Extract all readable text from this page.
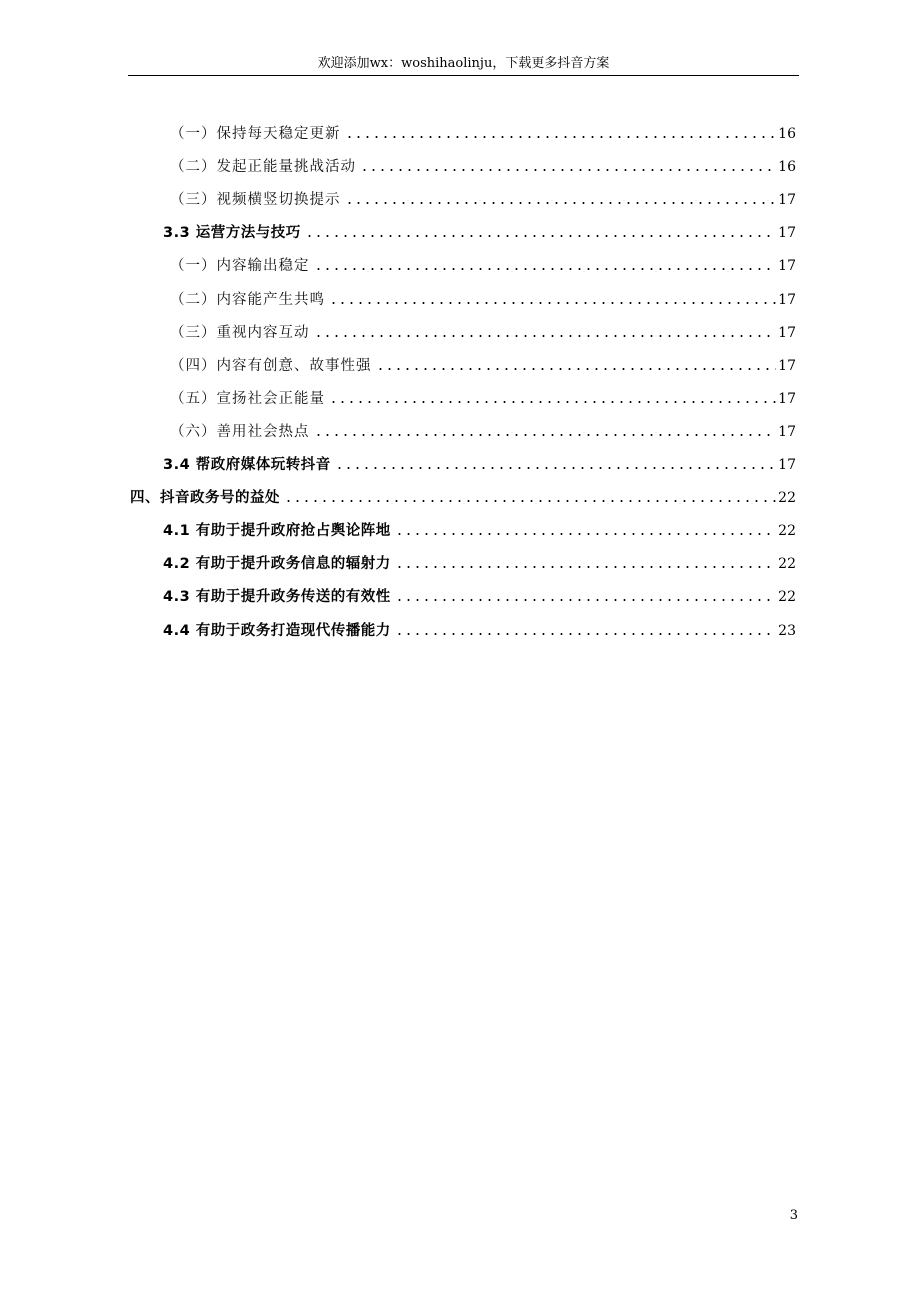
欢迎添加wx：woshihaolinju，下载更多抖音方案
（一）保持每天稳定更新	16
（二）发起正能量挑战活动	16
（三）视频横竖切换提示	17
3.3 运营方法与技巧	17
（一）内容输出稳定	17
（二）内容能产生共鸣	17
（三）重视内容互动	17
（四）内容有创意、故事性强	17
（五）宣扬社会正能量	17
（六）善用社会热点	17
3.4 帮政府媒体玩转抖音	17
四、抖音政务号的益处	22
4.1 有助于提升政府抢占舆论阵地	22
4.2 有助于提升政务信息的辐射力	22
4.3 有助于提升政务传送的有效性	22
4.4 有助于政务打造现代传播能力	23
3
